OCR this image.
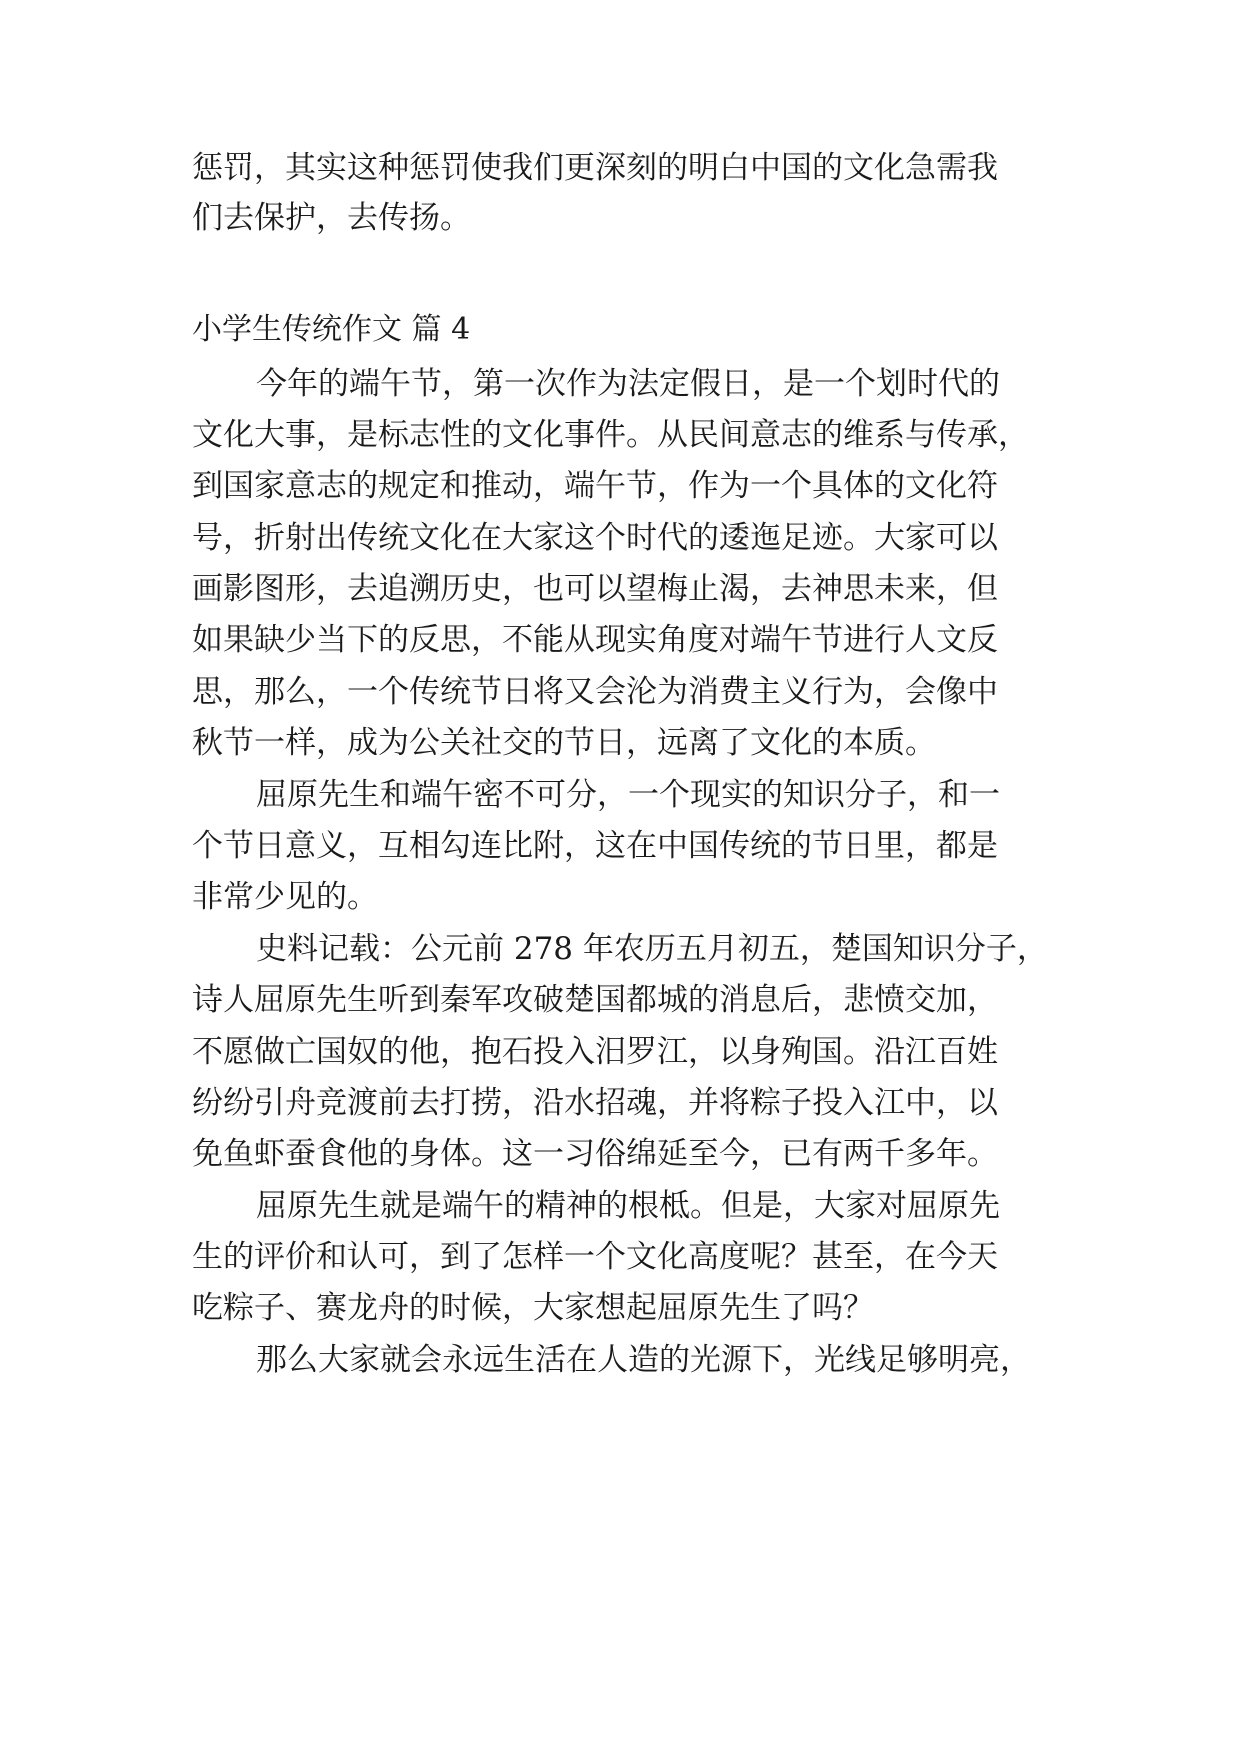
惩罚，其实这种惩罚使我们更深刻的明白中国的文化急需我
们去保护，去传扬。
小学生传统作文 篇 4
今年的端午节，第一次作为法定假日，是一个划时代的
文化大事，是标志性的文化事件。从民间意志的维系与传承，
到国家意志的规定和推动，端午节，作为一个具体的文化符
号，折射出传统文化在大家这个时代的逶迤足迹。大家可以
画影图形，去追溯历史，也可以望梅止渴，去神思未来，但
如果缺少当下的反思，不能从现实角度对端午节进行人文反
思，那么，一个传统节日将又会沦为消费主义行为，会像中
秋节一样，成为公关社交的节日，远离了文化的本质。
屈原先生和端午密不可分，一个现实的知识分子，和一
个节日意义，互相勾连比附，这在中国传统的节日里，都是
非常少见的。
史料记载：公元前 278 年农历五月初五，楚国知识分子，
诗人屈原先生听到秦军攻破楚国都城的消息后，悲愤交加，
不愿做亡国奴的他，抱石投入汨罗江，以身殉国。沿江百姓
纷纷引舟竞渡前去打捞，沿水招魂，并将粽子投入江中，以
免鱼虾蚕食他的身体。这一习俗绵延至今，已有两千多年。
屈原先生就是端午的精神的根柢。但是，大家对屈原先
生的评价和认可，到了怎样一个文化高度呢？甚至，在今天
吃粽子、赛龙舟的时候，大家想起屈原先生了吗？
那么大家就会永远生活在人造的光源下，光线足够明亮，
